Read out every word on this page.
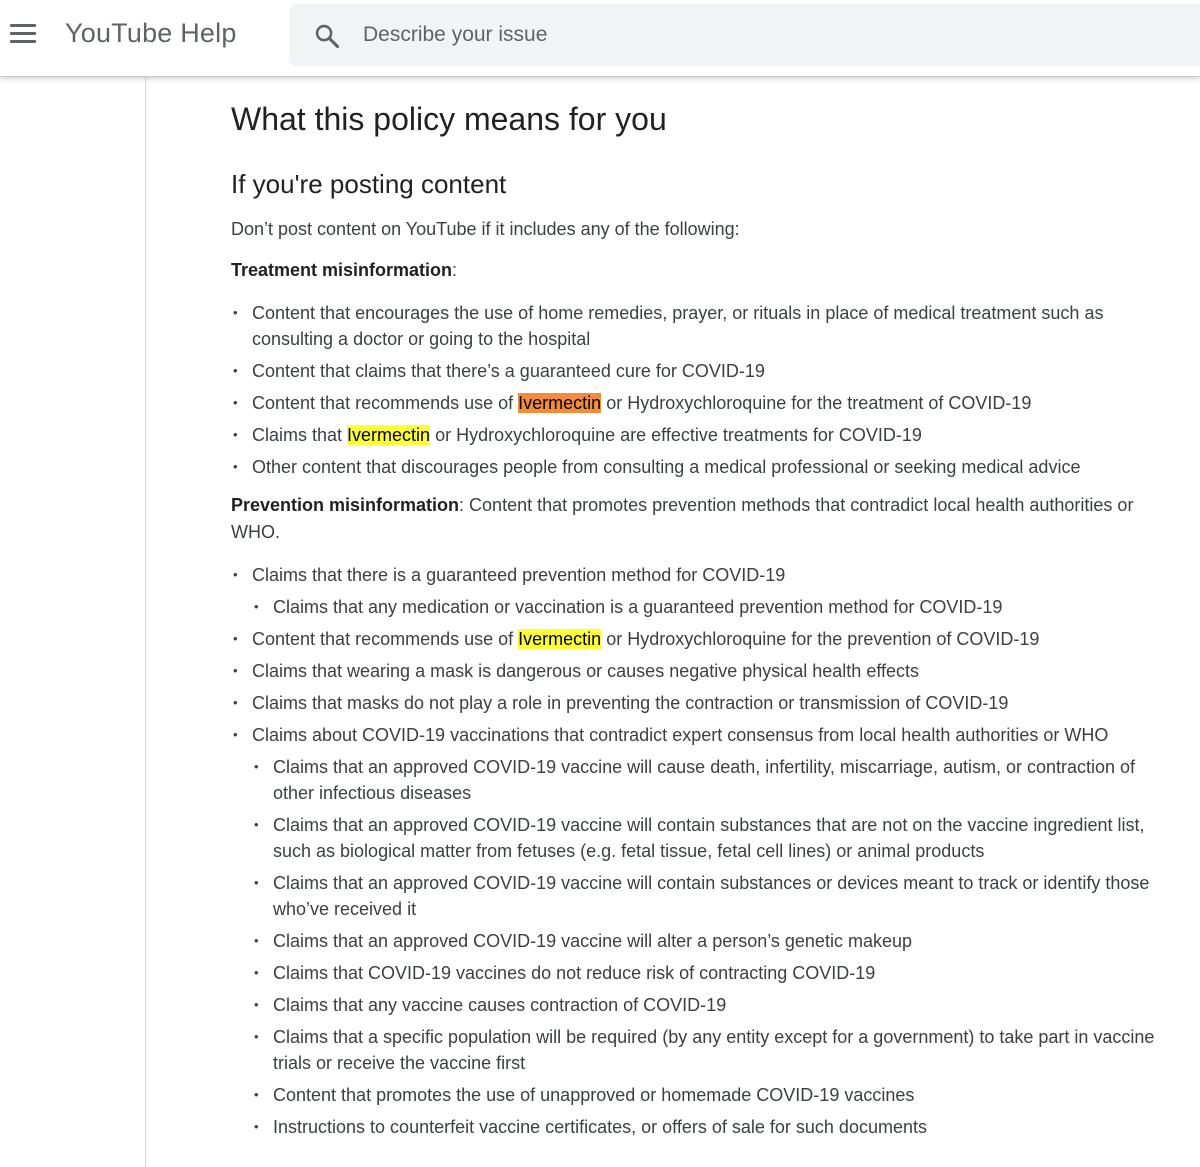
YouTube Help
Describe your issue
What this policy means for you
If you're posting content

Don’t post content on YouTube if it includes any of the following:

Treatment misinformation:

• Content that encourages the use of home remedies, prayer, or rituals in place of medical treatment such as consulting a doctor or going to the hospital
• Content that claims that there’s a guaranteed cure for COVID-19
• Content that recommends use of Ivermectin or Hydroxychloroquine for the treatment of COVID-19
• Claims that Ivermectin or Hydroxychloroquine are effective treatments for COVID-19
• Other content that discourages people from consulting a medical professional or seeking medical advice

Prevention misinformation: Content that promotes prevention methods that contradict local health authorities or WHO.

• Claims that there is a guaranteed prevention method for COVID-19
• Claims that any medication or vaccination is a guaranteed prevention method for COVID-19
• Content that recommends use of Ivermectin or Hydroxychloroquine for the prevention of COVID-19
• Claims that wearing a mask is dangerous or causes negative physical health effects
• Claims that masks do not play a role in preventing the contraction or transmission of COVID-19
• Claims about COVID-19 vaccinations that contradict expert consensus from local health authorities or WHO
• Claims that an approved COVID-19 vaccine will cause death, infertility, miscarriage, autism, or contraction of other infectious diseases
• Claims that an approved COVID-19 vaccine will contain substances that are not on the vaccine ingredient list, such as biological matter from fetuses (e.g. fetal tissue, fetal cell lines) or animal products
• Claims that an approved COVID-19 vaccine will contain substances or devices meant to track or identify those who’ve received it
• Claims that an approved COVID-19 vaccine will alter a person’s genetic makeup
• Claims that COVID-19 vaccines do not reduce risk of contracting COVID-19
• Claims that any vaccine causes contraction of COVID-19
• Claims that a specific population will be required (by any entity except for a government) to take part in vaccine trials or receive the vaccine first
• Content that promotes the use of unapproved or homemade COVID-19 vaccines
• Instructions to counterfeit vaccine certificates, or offers of sale for such documents
